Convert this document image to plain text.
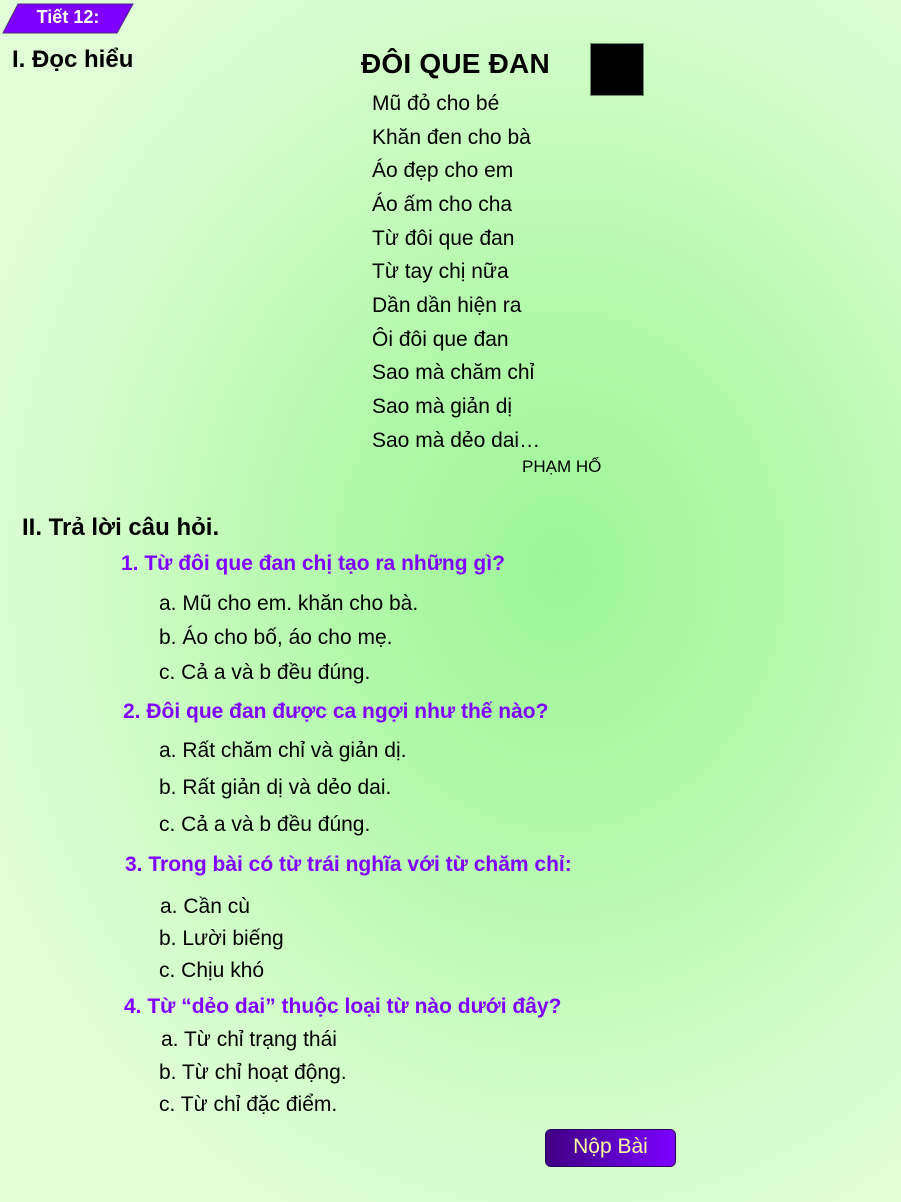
Tiết 12:
I. Đọc hiểu	ĐÔI QUE ĐAN
Mũ đỏ cho bé
Khăn đen cho bà
Áo đẹp cho em
Áo ấm cho cha
Từ đôi que đan
Từ tay chị nữa
Dần dần hiện ra
Ôi đôi que đan
Sao mà chăm chỉ
Sao mà giản dị
Sao mà dẻo dai…
PHẠM HỔ
II. Trả lời câu hỏi.
1. Từ đôi que đan chị tạo ra những gì?
a. Mũ cho em. khăn cho bà.
b. Áo cho bố, áo cho mẹ.
c. Cả a và b đều đúng.
2. Đôi que đan được ca ngợi như thế nào?
a. Rất chăm chỉ và giản dị.
b. Rất giản dị và dẻo dai.
c. Cả a và b đều đúng.
3. Trong bài có từ trái nghĩa với từ chăm chỉ:
a. Cần cù
b. Lười biếng
c. Chịu khó
4. Từ “dẻo dai” thuộc loại từ nào dưới đây?
a. Từ chỉ trạng thái
b. Từ chỉ hoạt động.
c. Từ chỉ đặc điểm.
Nộp Bài
